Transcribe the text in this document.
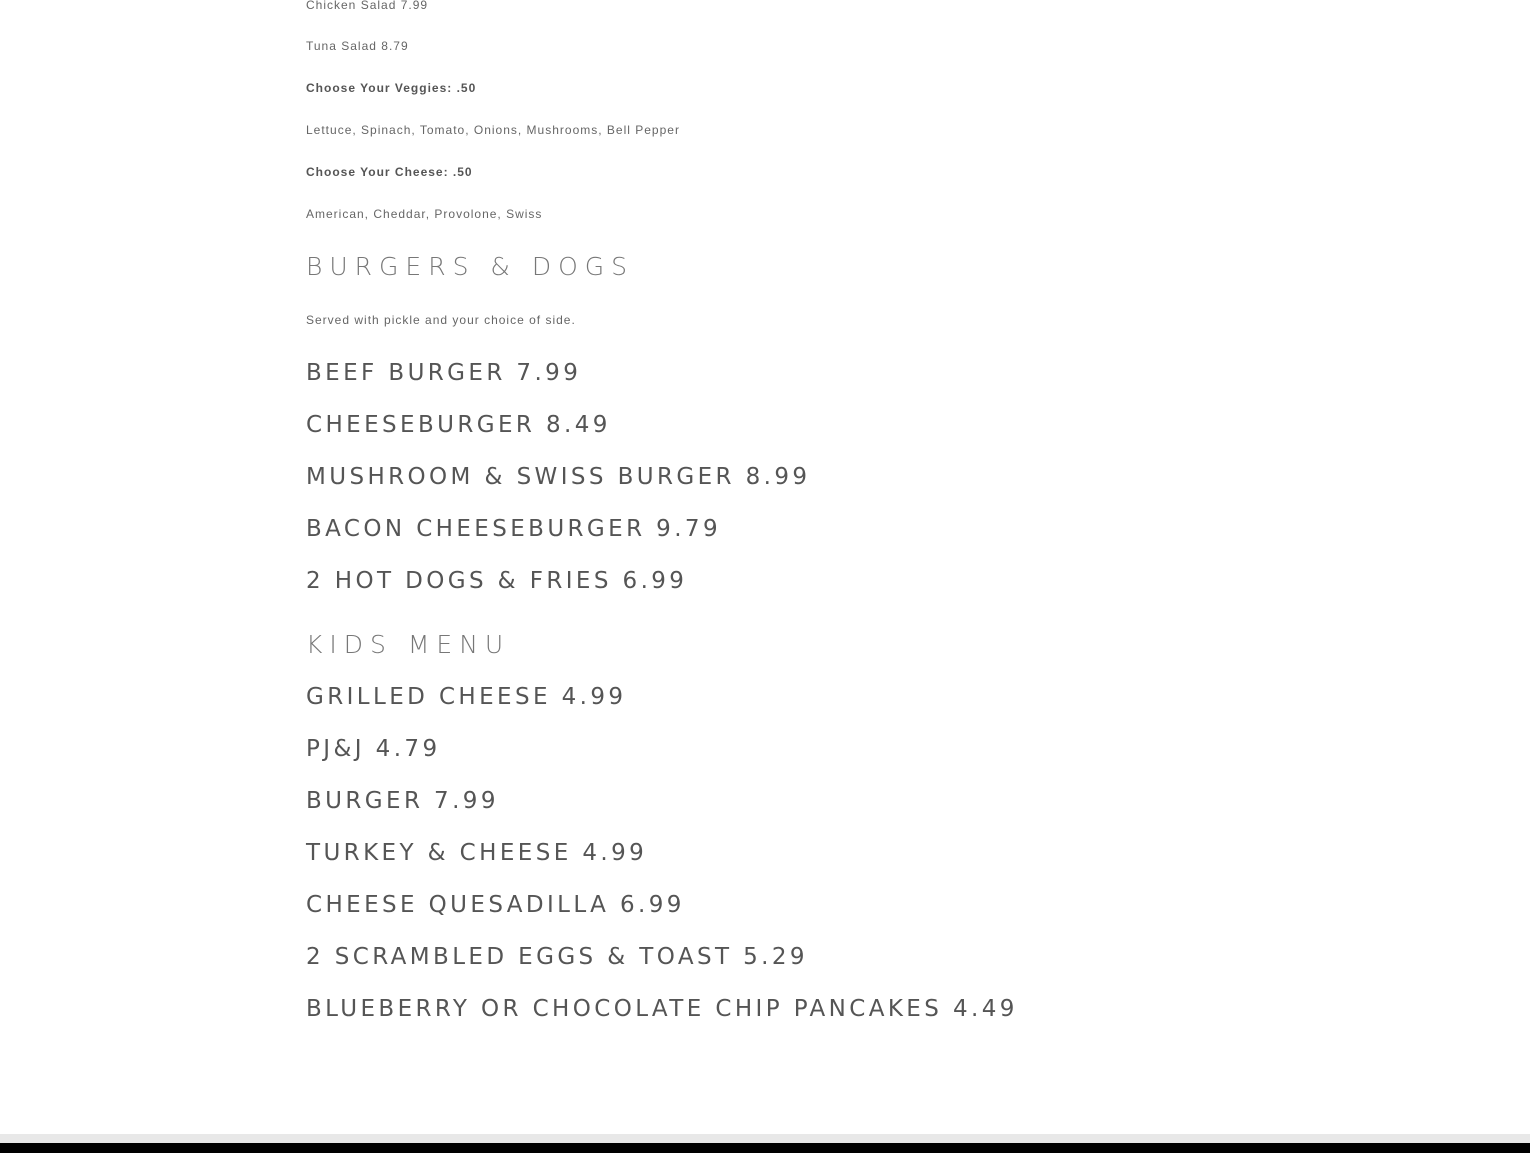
Chicken Salad 7.99
Tuna Salad 8.79
Choose Your Veggies: .50
Lettuce, Spinach, Tomato, Onions, Mushrooms, Bell Pepper
Choose Your Cheese: .50
American, Cheddar, Provolone, Swiss
BURGERS & DOGS
Served with pickle and your choice of side.
BEEF BURGER 7.99
CHEESEBURGER 8.49
MUSHROOM & SWISS BURGER 8.99
BACON CHEESEBURGER 9.79
2 HOT DOGS & FRIES 6.99
KIDS MENU
GRILLED CHEESE 4.99
PJ&J 4.79
BURGER 7.99
TURKEY & CHEESE 4.99
CHEESE QUESADILLA 6.99
2 SCRAMBLED EGGS & TOAST 5.29
BLUEBERRY OR CHOCOLATE CHIP PANCAKES 4.49
